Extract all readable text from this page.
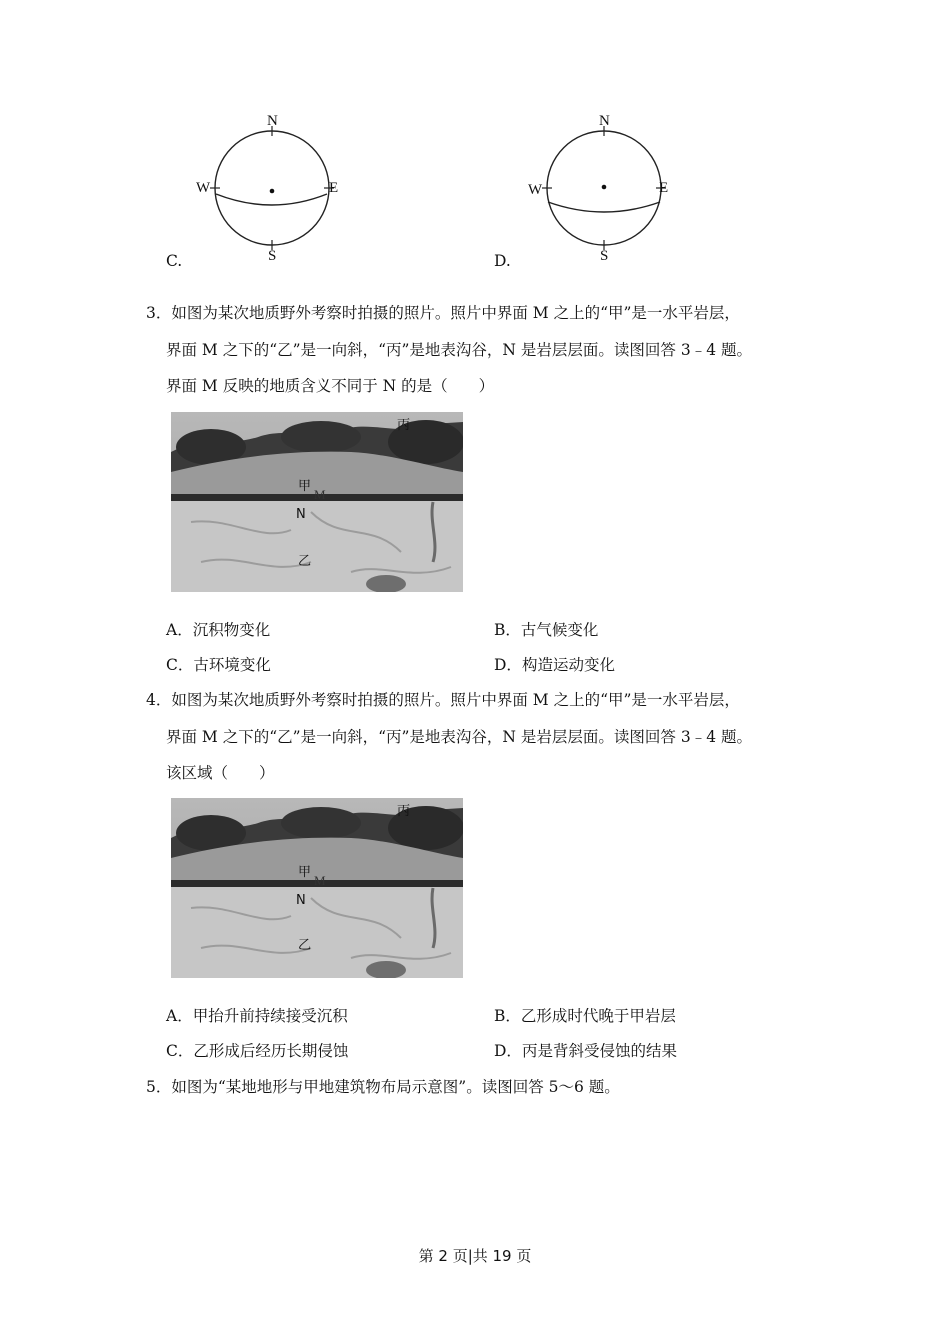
N
S
W	E
C.
N
S
W	E
D.
3．如图为某次地质野外考察时拍摄的照片。照片中界面 M 之上的“甲”是一水平岩层，
界面 M 之下的“乙”是一向斜，“丙”是地表沟谷，N 是岩层层面。读图回答 3﹣4 题。
界面 M 反映的地质含义不同于 N 的是（　　）
丙
甲
M
N
乙
A．沉积物变化	B．古气候变化
C．古环境变化	D．构造运动变化
4．如图为某次地质野外考察时拍摄的照片。照片中界面 M 之上的“甲”是一水平岩层，
界面 M 之下的“乙”是一向斜，“丙”是地表沟谷，N 是岩层层面。读图回答 3﹣4 题。
该区域（　　）
丙
甲
M
N
乙
A．甲抬升前持续接受沉积	B．乙形成时代晚于甲岩层
C．乙形成后经历长期侵蚀	D．丙是背斜受侵蚀的结果
5．如图为“某地地形与甲地建筑物布局示意图”。读图回答 5～6 题。
第 2 页|共 19 页
